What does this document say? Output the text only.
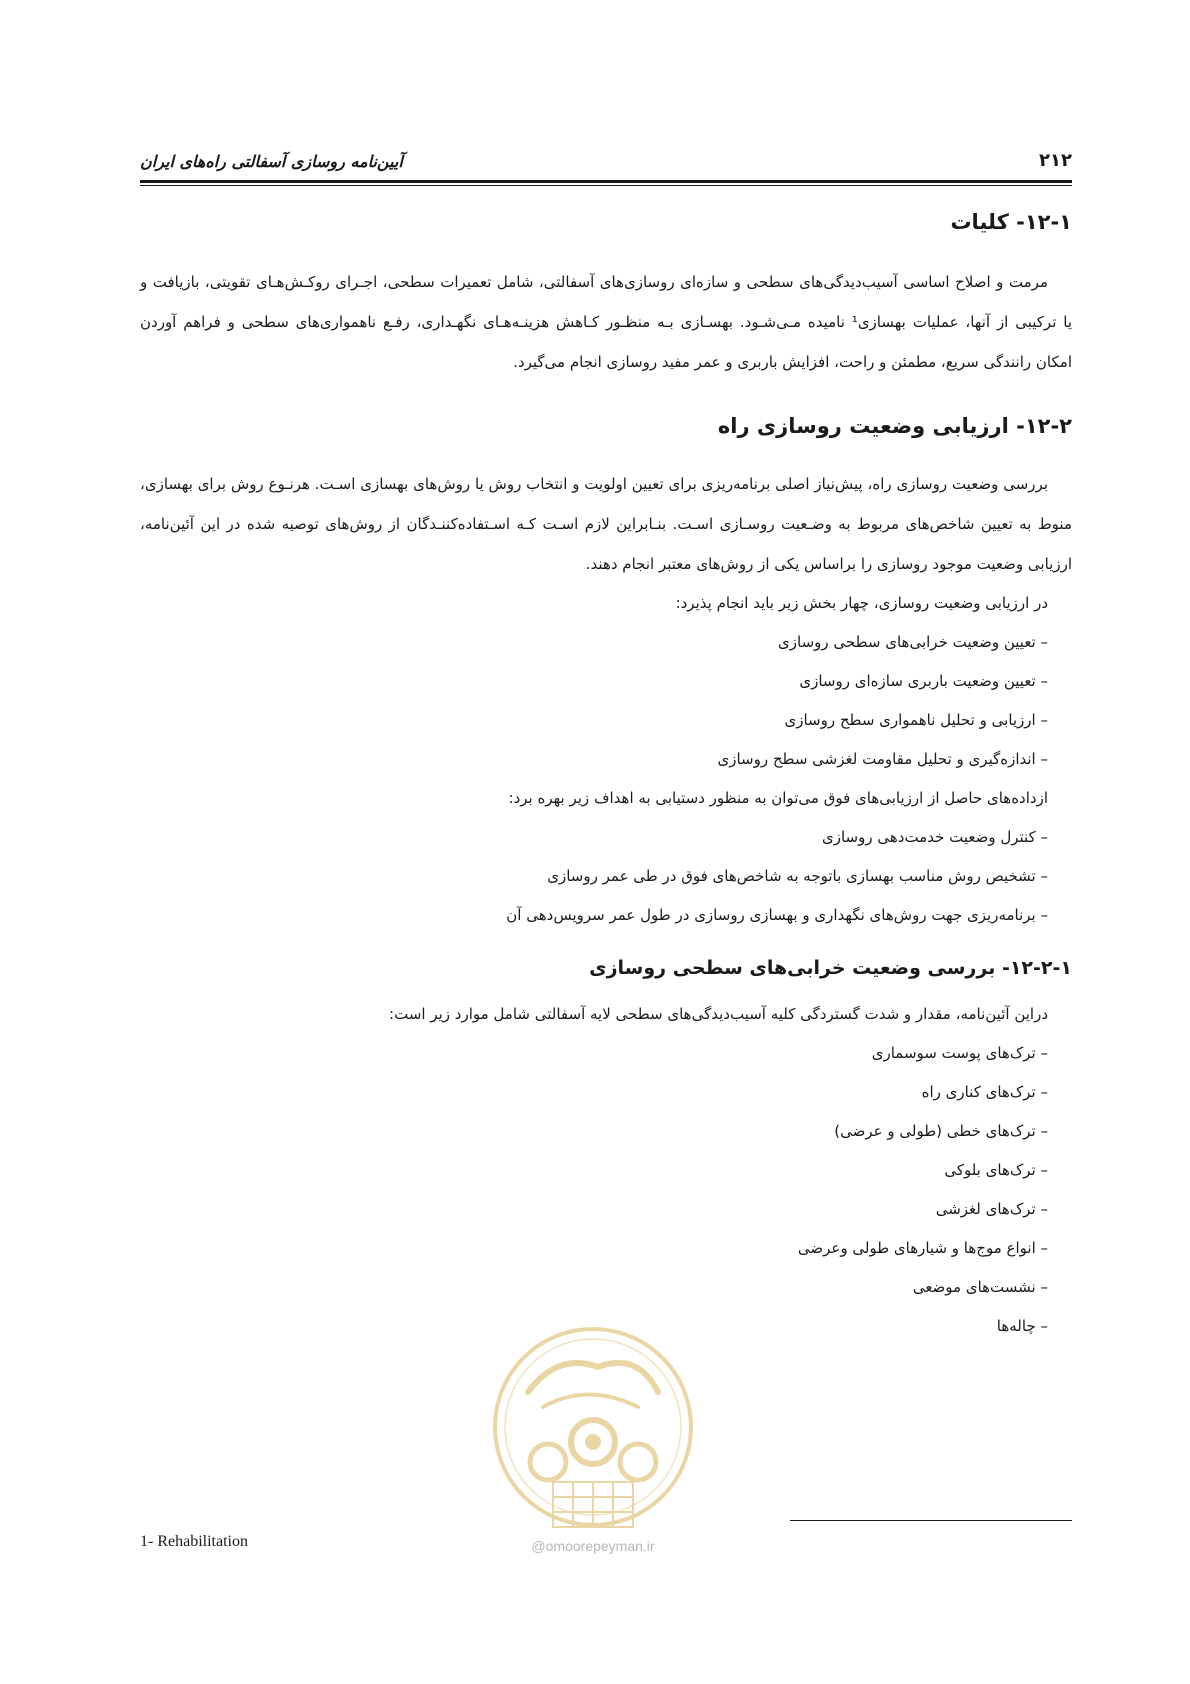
۲۱۲
آیین‌نامه روسازی آسفالتی راه‌های ایران
۱۲-۱- کلیات

مرمت و اصلاح اساسی آسیب‌دیدگی‌های سطحی و سازه‌ای روسازی‌های آسفالتی، شامل تعمیرات سطحی، اجـرای روکـش‌هـای تقویتی، بازیافت و یا ترکیبی از آنها، عملیات بهسازی¹ نامیده مـی‌شـود. بهسـازی بـه منظـور کـاهش هزینـه‌هـای نگهـداری، رفـع ناهمواری‌های سطحی و فراهم آوردن امکان رانندگی سریع، مطمئن و راحت، افزایش باربری و عمر مفید روسازی انجام می‌گیرد.

۱۲-۲- ارزیابی وضعیت روسازی راه

بررسی وضعیت روسازی راه، پیش‌نیاز اصلی برنامه‌ریزی برای تعیین اولویت و انتخاب روش یا روش‌های بهسازی اسـت. هرنـوع روش برای بهسازی، منوط به تعیین شاخص‌های مربوط به وضـعیت روسـازی اسـت. بنـابراین لازم اسـت کـه اسـتفاده‌کننـدگان از روش‌های توصیه شده در این آئین‌نامه، ارزیابی وضعیت موجود روسازی را براساس یکی از روش‌های معتبر انجام دهند.

در ارزیابی وضعیت روسازی، چهار بخش زیر باید انجام پذیرد:
– تعیین وضعیت خرابی‌های سطحی روسازی
– تعیین وضعیت باربری سازه‌ای روسازی
– ارزیابی و تحلیل ناهمواری سطح روسازی
– اندازه‌گیری و تحلیل مقاومت لغزشی سطح روسازی
ازداده‌های حاصل از ارزیابی‌های فوق می‌توان به منظور دستیابی به اهداف زیر بهره برد:
– کنترل وضعیت خدمت‌دهی روسازی
– تشخیص روش مناسب بهسازی باتوجه به شاخص‌های فوق در طی عمر روسازی
– برنامه‌ریزی جهت روش‌های نگهداری و بهسازی روسازی در طول عمر سرویس‌دهی آن
۱۲-۲-۱- بررسی وضعیت خرابی‌های سطحی روسازی
دراین آئین‌نامه، مقدار و شدت گستردگی کلیه آسیب‌دیدگی‌های سطحی لایه آسفالتی شامل موارد زیر است:
– ترک‌های پوست سوسماری
– ترک‌های کناری راه
– ترک‌های خطی (طولی و عرضی)
– ترک‌های بلوکی
– ترک‌های لغزشی
– انواع موج‌ها و شیارهای طولی وعرضی
– نشست‌های موضعی
– چاله‌ها
@omoorepeyman.ir
1- Rehabilitation
